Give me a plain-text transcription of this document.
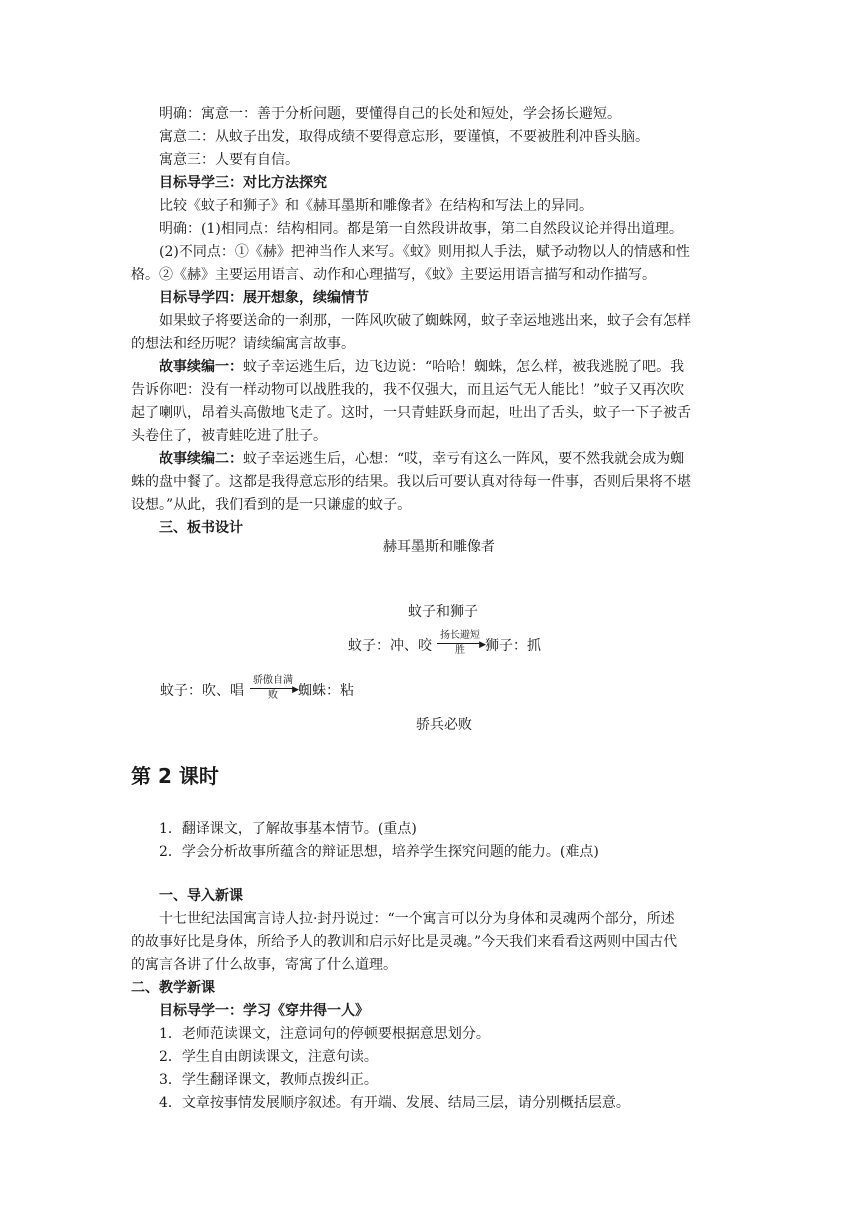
明确：寓意一：善于分析问题，要懂得自己的长处和短处，学会扬长避短。
寓意二：从蚊子出发，取得成绩不要得意忘形，要谨慎，不要被胜利冲昏头脑。
寓意三：人要有自信。
目标导学三：对比方法探究
比较《蚊子和狮子》和《赫耳墨斯和雕像者》在结构和写法上的异同。
明确：(1)相同点：结构相同。都是第一自然段讲故事，第二自然段议论并得出道理。
(2)不同点：①《赫》把神当作人来写。《蚊》则用拟人手法，赋予动物以人的情感和性
格。②《赫》主要运用语言、动作和心理描写，《蚊》主要运用语言描写和动作描写。
目标导学四：展开想象，续编情节
如果蚊子将要送命的一刹那，一阵风吹破了蜘蛛网，蚊子幸运地逃出来，蚊子会有怎样
的想法和经历呢？请续编寓言故事。
故事续编一：蚊子幸运逃生后，边飞边说：“哈哈！蜘蛛，怎么样，被我逃脱了吧。我
告诉你吧：没有一样动物可以战胜我的，我不仅强大，而且运气无人能比！”蚊子又再次吹
起了喇叭，昂着头高傲地飞走了。这时，一只青蛙跃身而起，吐出了舌头，蚊子一下子被舌
头卷住了，被青蛙吃进了肚子。
故事续编二：蚊子幸运逃生后，心想：“哎，幸亏有这么一阵风，要不然我就会成为蜘
蛛的盘中餐了。这都是我得意忘形的结果。我以后可要认真对待每一件事，否则后果将不堪
设想。”从此，我们看到的是一只谦虚的蚊子。
三、板书设计
赫耳墨斯和雕像者
蚊子和狮子
蚊子：冲、咬
扬长避短
▶
胜	狮子：抓
蚊子：吹、唱
骄傲自满
▶
败	蜘蛛：粘
骄兵必败
第 2 课时
1．翻译课文，了解故事基本情节。(重点)
2．学会分析故事所蕴含的辩证思想，培养学生探究问题的能力。(难点)
一、导入新课
十七世纪法国寓言诗人拉·封丹说过：“一个寓言可以分为身体和灵魂两个部分，所述
的故事好比是身体，所给予人的教训和启示好比是灵魂。”今天我们来看看这两则中国古代
的寓言各讲了什么故事，寄寓了什么道理。
二、教学新课
目标导学一：学习《穿井得一人》
1．老师范读课文，注意词句的停顿要根据意思划分。
2．学生自由朗读课文，注意句读。
3．学生翻译课文，教师点拨纠正。
4．文章按事情发展顺序叙述。有开端、发展、结局三层，请分别概括层意。
